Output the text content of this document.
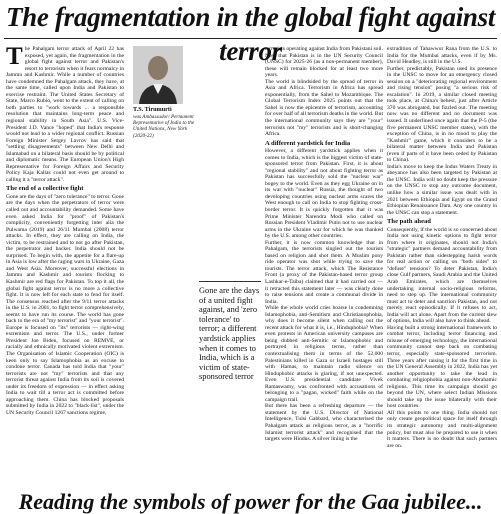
The fragmentation in the global fight against terror

The Pahalgam terror attack of April 22 has exposed, yet again, the fragmentation in the global fight against terror and Pakistan's resort to terrorism when it fears normalcy in Jammu and Kashmir. While a number of countries have condemned the Pahalgam attack, they have, at the same time, called upon India and Pakistan to exercise restraint. The United States Secretary of State, Marco Rubio, went to the extent of calling on both parties to "work towards ... a responsible resolution that maintains long-term peace and regional stability in South Asia". U.S. Vice-President J.D. Vance "hoped" that India's response would not lead to a wider regional conflict. Russian Foreign Minister Sergey Lavrov has said that "settling disagreements" between New Delhi and Islamabad on a bilateral basis should be by political and diplomatic means. The European Union's High Representative for Foreign Affairs and Security Policy Kaja Kallas could not even get around to calling it a "terror attack".

The end of a collective fight

Gone are the days of "zero tolerance" to terror. Gone are the days when the perpetrators of terror were called out and accountability demanded. Some have even asked India for "proof" of Pakistan's complicity, conveniently forgetting inter alia the Pulwama (2019) and 26/11 Mumbai (2008) terror attacks. In effect, they are calling on India, the victim, to be restrained and to not go after Pakistan, the perpetrator and backer. India should not be surprised. To begin with, the appetite for a flare-up in Asia is low after the raging wars in Ukraine, Gaza and West Asia. Moreover, successful elections in Jammu and Kashmir and tourists flocking to Kashmir are red flags for Pakistan. To top it all, the global fight against terror is no more a collective fight. It is now left for each state to fend for itself. The consensus reached after the 9/11 terror attacks in the U.S. in 2001, to fight terror comprehensively, seems to have run its course. The world has gone back to the era of "my terrorist" and "your terrorist". Europe is focused on "its" terrorists — right-wing extremism and terror. The U.S., under former President Joe Biden, focused on REMVE, or racially and ethnically motivated violent extremism. The Organisation of Islamic Cooperation (OIC) is keen only to say Islamophobia as an excuse to condone terror. Canada has told India that "your" terrorists are not "my" terrorists and that any terrorist threat against India from its soil is covered under its freedom of expression — in effect asking India to wait till a terror act is committed before approaching them. China has blocked proposals submitted by India in 2022 to "black-list", under the UN Security Council 1267 sanctions regime,

T.S. Tirumurti
was Ambassador/ Permanent Representative of India to the United Nations, New York (2020-22)
Gone are the days of a united fight against, and 'zero tolerance' to terror; a different yardstick applies when it comes to India, which is a victim of state-sponsored terror

terrorists operating against India from Pakistani soil. Now that Pakistan is in the UN Security Council (UNSC) for 2025-26 (as a non-permanent member), these will remain blocked for at least two more years.

The world is blindsided by the spread of terror in Asia and Africa. Terrorism in Africa has spread exponentially, from the Sahel to Mozambique. The Global Terrorism Index 2025 points out that the Sahel is now the epicentre of terrorism, accounting for over half of all terrorism deaths in the world. But the international community says they are "your" terrorists not "my" terrorists and is short-changing Africa.

A different yardstick for India

However, a different yardstick applies when it comes to India, which is the biggest victim of state-sponsored terror from Pakistan. First, it is about "regional stability" and not about fighting terror as Pakistan has successfully sold the "nuclear war" bogey to the world. Even as they egg Ukraine on in its war with "nuclear" Russia, the thought of two developing countries using nuclear arms scares the West enough to call on India to stop fighting cross-border terror. It is quickly forgotten that it was Prime Minister Narendra Modi who called on Russian President Vladimir Putin not to use nuclear arms in the Ukraine war for which he was thanked by the U.S. among other countries.

Further, it is now common knowledge that in Pahalgam, the terrorists singled out the tourists based on religion and shot them. A Muslim pony ride operator was shot while trying to save the tourists. The terror attack, which The Resistance Front (a proxy of the Pakistan-based terror group Lashkar-e-Taiba) claimed that it had carried out — it retracted this statement later — was clearly done to raise tensions and create a communal divide in India.

While the whole world cries hoarse in condemning Islamophobia, anti-Semitism and Christianophobia, why does it become silent when calling out the recent attack for what it is, i.e., Hinduphobia? When even protests in American university campuses are being dubbed anti-Semitic or Islamophobic and portrayed in religious terms, rather than contextualising them in terms of the 52,000 Palestinians killed in Gaza or Israeli hostages still with Hamas, to maintain radio silence on Hinduphobic attacks is glaring, if not unexpected. Even U.S. presidential candidate Vivek Ramaswamy, was confronted with accusations of belonging to a "pagan, wicked" faith while on the campaign trail.

But there has been a refreshing departure — the statement by the U.S. Director of National Intelligence, Tulsi Gabbard, who characterised the Pahalgam attack as religious terror, as a "horrific Islamist terrorist attack" and recognised that the targets were Hindus. A silver lining is the

extradition of Tahawwur Rana from the U.S. to India for the Mumbai attacks, even if by Ms. David Headley, is still in the U.S.

Further, predictably, Pakistan used its presence in the UNSC to move for an emergency closed session on a "deteriorating regional environment and rising tension" posing "a serious risk of escalation". In 2019, a similar closed meeting took place, at China's behest, just after Article 370 was abrogated, but fizzled out. The meeting now was no different and no document was issued. It underlined once again that the P-5 (the five permanent UNSC member states), with the exception of China, is in no mood to play the "Kashmir" game, which it considers to be a bilateral matter between India and Pakistan (even if parts of it have been ceded by Pakistan to China).

India's move to keep the Indus Waters Treaty in abeyance has also been targeted by Pakistan at the UNSC. India will no doubt keep the pressure on the UNSC to stop any outcome document, unlike how a similar issue was dealt with in 2021 between Ethiopia and Egypt on the Grand Ethiopian Renaissance Dam. Any one country in the UNSC can stop a statement.

The path ahead

Consequently, if the world is so concerned about India not using kinetic options to fight terror from where it originates, should not India's "strategic" partners demand accountability from Pakistan rather than sidestepping harsh words for real action or calling on "both sides" to "defuse" tensions? To deter Pakistan, India's close Gulf partners, Saudi Arabia and the United Arab Emirates, which are themselves undertaking internal socio-religious reforms, need to step up. The international community must act to deter and sanction Pakistan, and not merely react episodically. If it refuses to act, India will act alone. Apart from the current slew of options, India will also have to think ahead.

Having built a strong international framework to combat terror, including terror financing and misuse of emerging technology, the international community cannot step back on combating terror, especially state-sponsored terrorism. Three years after raising it for the first time in the UN General Assembly in 2022, India has yet another opportunity to take the lead in combating religiophobia against non-Abrahamic religions. This time its campaign should go beyond the UN, where select Indian Missions should take up the issue bilaterally with their host countries.

All this points to one thing. India should not only create geopolitical space for itself through its strategic autonomy and multi-alignment policy, but must also be prepared to use it when it matters. There is no doubt that such partners are on.

Reading the symbols of power for the Gaa jubilee...
